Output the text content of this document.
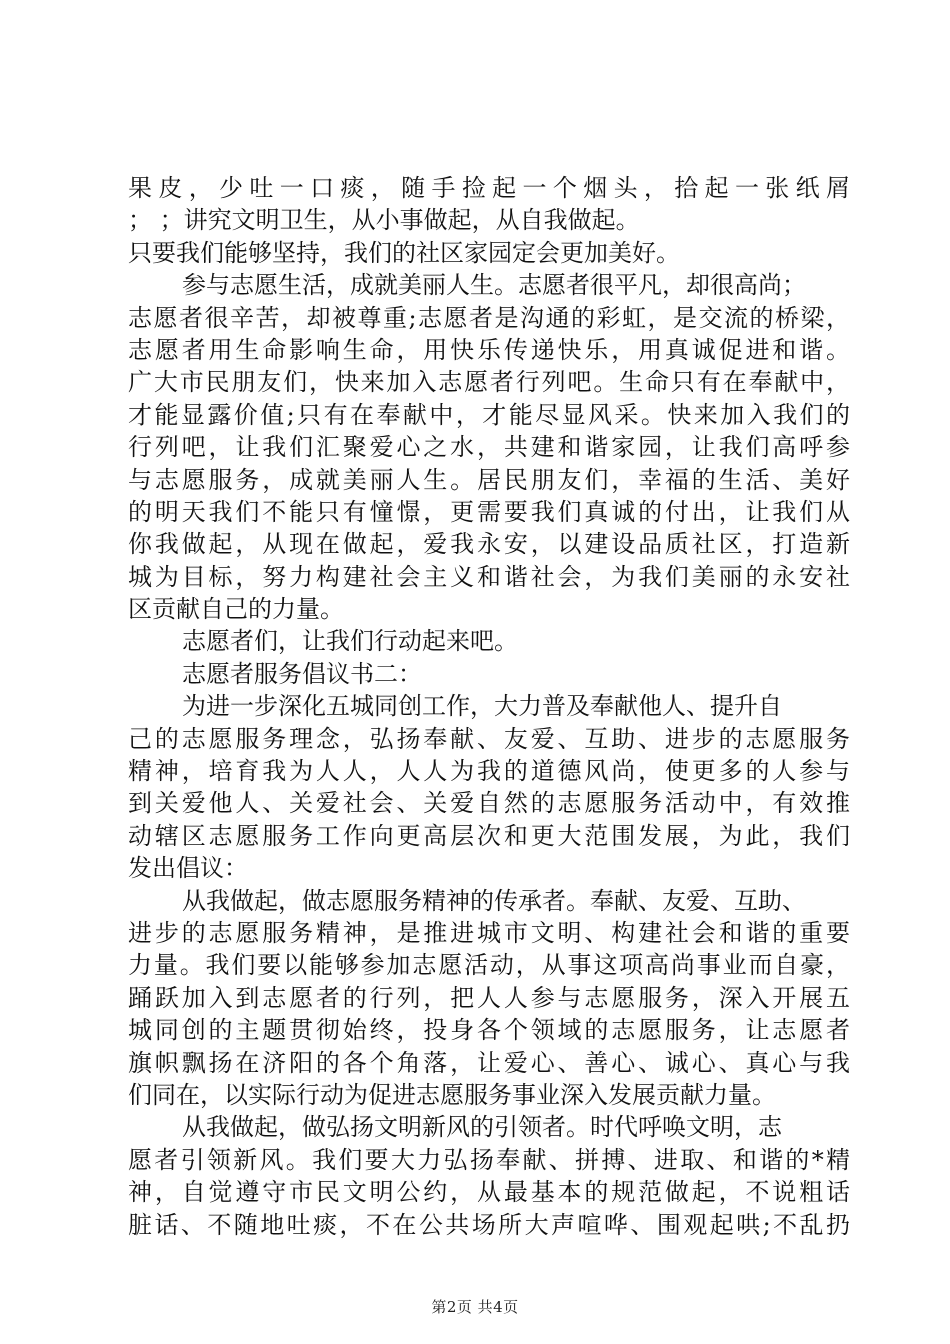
果皮，少吐一口痰，随手捡起一个烟头，拾起一张纸屑
； ；讲究文明卫生，从小事做起，从自我做起。
只要我们能够坚持，我们的社区家园定会更加美好。
参与志愿生活，成就美丽人生。志愿者很平凡，却很高尚；
志愿者很辛苦，却被尊重;志愿者是沟通的彩虹，是交流的桥梁，
志愿者用生命影响生命，用快乐传递快乐，用真诚促进和谐。
广大市民朋友们，快来加入志愿者行列吧。生命只有在奉献中，
才能显露价值;只有在奉献中，才能尽显风采。快来加入我们的
行列吧，让我们汇聚爱心之水，共建和谐家园，让我们高呼参
与志愿服务，成就美丽人生。居民朋友们，幸福的生活、美好
的明天我们不能只有憧憬，更需要我们真诚的付出，让我们从
你我做起，从现在做起，爱我永安，以建设品质社区，打造新
城为目标，努力构建社会主义和谐社会，为我们美丽的永安社
区贡献自己的力量。
志愿者们，让我们行动起来吧。
志愿者服务倡议书二：
为进一步深化五城同创工作，大力普及奉献他人、提升自
己的志愿服务理念，弘扬奉献、友爱、互助、进步的志愿服务
精神，培育我为人人，人人为我的道德风尚，使更多的人参与
到关爱他人、关爱社会、关爱自然的志愿服务活动中，有效推
动辖区志愿服务工作向更高层次和更大范围发展，为此，我们
发出倡议：
从我做起，做志愿服务精神的传承者。奉献、友爱、互助、
进步的志愿服务精神，是推进城市文明、构建社会和谐的重要
力量。我们要以能够参加志愿活动，从事这项高尚事业而自豪，
踊跃加入到志愿者的行列，把人人参与志愿服务，深入开展五
城同创的主题贯彻始终，投身各个领域的志愿服务，让志愿者
旗帜飘扬在济阳的各个角落，让爱心、善心、诚心、真心与我
们同在，以实际行动为促进志愿服务事业深入发展贡献力量。
从我做起，做弘扬文明新风的引领者。时代呼唤文明，志
愿者引领新风。我们要大力弘扬奉献、拼搏、进取、和谐的*精
神，自觉遵守市民文明公约，从最基本的规范做起，不说粗话
脏话、不随地吐痰，不在公共场所大声喧哗、围观起哄;不乱扔
第2页 共4页
